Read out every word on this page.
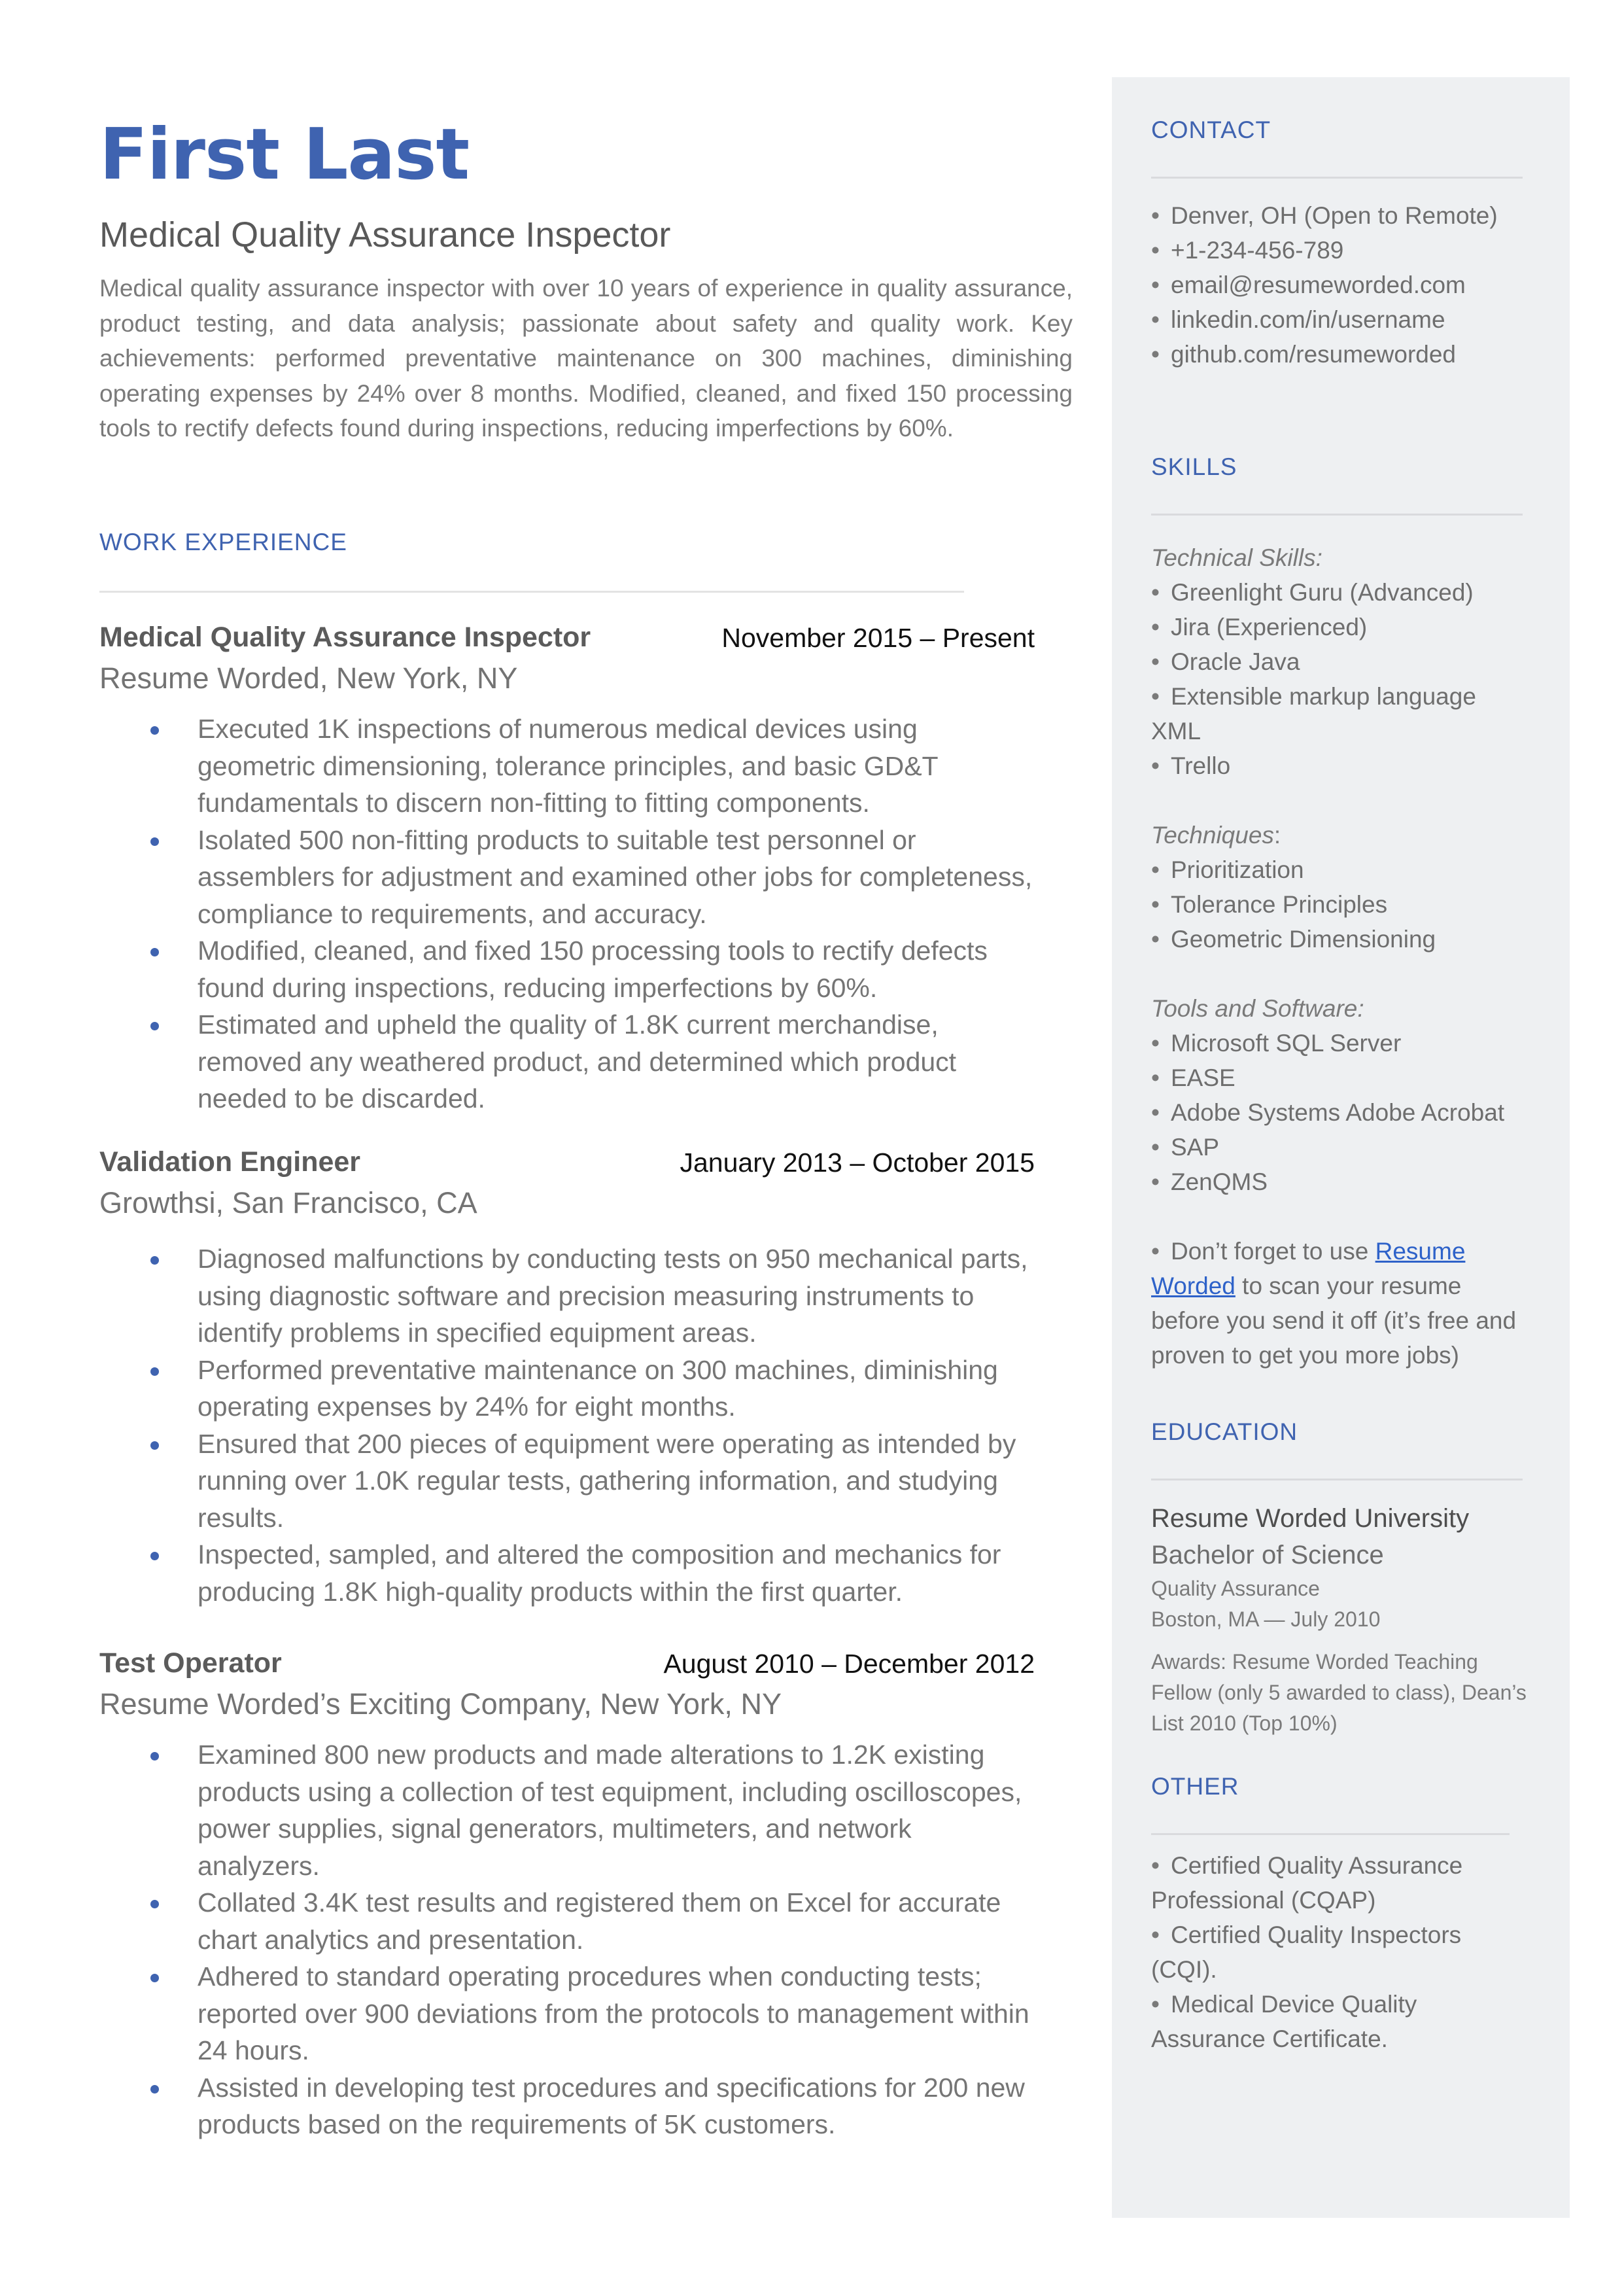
First Last
Medical Quality Assurance Inspector

Medical quality assurance inspector with over 10 years of experience in quality assurance, product testing, and data analysis; passionate about safety and quality work. Key achievements: performed preventative maintenance on 300 machines, diminishing operating expenses by 24% over 8 months. Modified, cleaned, and fixed 150 processing tools to rectify defects found during inspections, reducing imperfections by 60%.

WORK EXPERIENCE
Medical Quality Assurance Inspector	November 2015 – Present
Resume Worded, New York, NY
Executed 1K inspections of numerous medical devices using geometric dimensioning, tolerance principles, and basic GD&T fundamentals to discern non-fitting to fitting components.
Isolated 500 non-fitting products to suitable test personnel or assemblers for adjustment and examined other jobs for completeness, compliance to requirements, and accuracy.
Modified, cleaned, and fixed 150 processing tools to rectify defects found during inspections, reducing imperfections by 60%.
Estimated and upheld the quality of 1.8K current merchandise, removed any weathered product, and determined which product needed to be discarded.
Validation Engineer	January 2013 – October 2015
Growthsi, San Francisco, CA
Diagnosed malfunctions by conducting tests on 950 mechanical parts, using diagnostic software and precision measuring instruments to identify problems in specified equipment areas.
Performed preventative maintenance on 300 machines, diminishing operating expenses by 24% for eight months.
Ensured that 200 pieces of equipment were operating as intended by running over 1.0K regular tests, gathering information, and studying results.
Inspected, sampled, and altered the composition and mechanics for producing 1.8K high-quality products within the first quarter.
Test Operator	August 2010 – December 2012
Resume Worded’s Exciting Company, New York, NY
Examined 800 new products and made alterations to 1.2K existing products using a collection of test equipment, including oscilloscopes, power supplies, signal generators, multimeters, and network analyzers.
Collated 3.4K test results and registered them on Excel for accurate chart analytics and presentation.
Adhered to standard operating procedures when conducting tests; reported over 900 deviations from the protocols to management within 24 hours.
Assisted in developing test procedures and specifications for 200 new products based on the requirements of 5K customers.
CONTACT
• Denver, OH (Open to Remote)
• +1-234-456-789
• email@resumeworded.com
• linkedin.com/in/username
• github.com/resumeworded
SKILLS
Technical Skills:
• Greenlight Guru (Advanced)
• Jira (Experienced)
• Oracle Java
• Extensible markup language XML
• Trello
Techniques:
• Prioritization
• Tolerance Principles
• Geometric Dimensioning
Tools and Software:
• Microsoft SQL Server
• EASE
• Adobe Systems Adobe Acrobat
• SAP
• ZenQMS
• Don’t forget to use Resume Worded to scan your resume before you send it off (it’s free and proven to get you more jobs)
EDUCATION
Resume Worded University
Bachelor of Science
Quality Assurance
Boston, MA — July 2010
Awards: Resume Worded Teaching Fellow (only 5 awarded to class), Dean’s List 2010 (Top 10%)
OTHER
• Certified Quality Assurance Professional (CQAP)
• Certified Quality Inspectors (CQI).
• Medical Device Quality Assurance Certificate.
